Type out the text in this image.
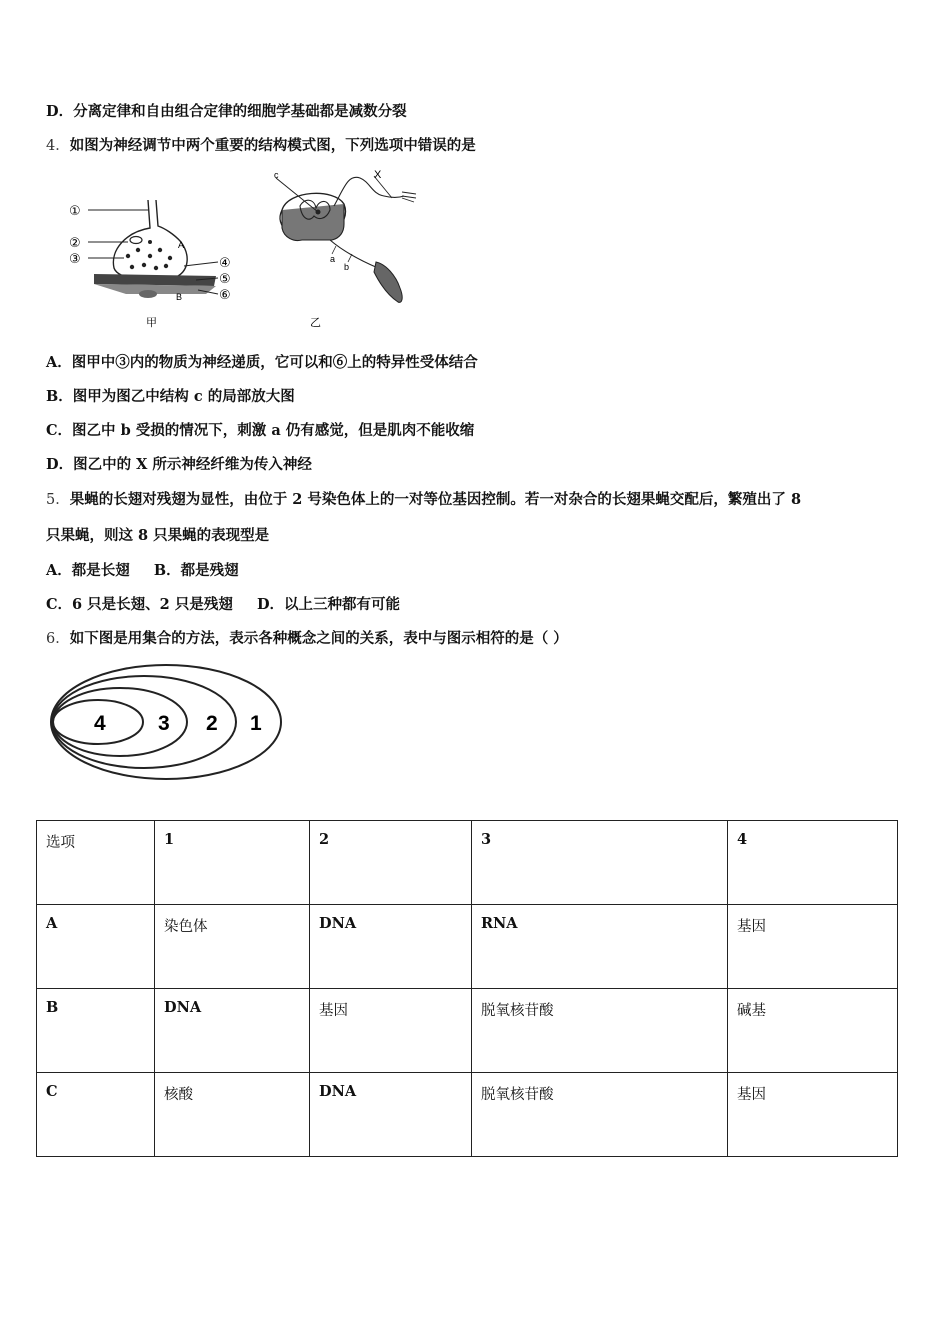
D．分离定律和自由组合定律的细胞学基础都是减数分裂
4．如图为神经调节中两个重要的结构模式图，下列选项中错误的是
①
②
③	④
⑤
⑥
A
B
甲
X
c
a
b
乙
A．图甲中③内的物质为神经递质，它可以和⑥上的特异性受体结合
B．图甲为图乙中结构 c 的局部放大图
C．图乙中 b 受损的情况下，刺激 a 仍有感觉，但是肌肉不能收缩
D．图乙中的 X 所示神经纤维为传入神经
5．果蝇的长翅对残翅为显性，由位于 2 号染色体上的一对等位基因控制。若一对杂合的长翅果蝇交配后，繁殖出了 8
只果蝇，则这 8 只果蝇的表现型是
A．都是长翅 B．都是残翅
C．6 只是长翅、2 只是残翅 D．以上三种都有可能
6．如下图是用集合的方法，表示各种概念之间的关系，表中与图示相符的是（ ）
4 3 2 1
选项	1	2	3	4
A	染色体	DNA	RNA	基因
B	DNA	基因	脱氧核苷酸	碱基
C	核酸	DNA	脱氧核苷酸	基因
